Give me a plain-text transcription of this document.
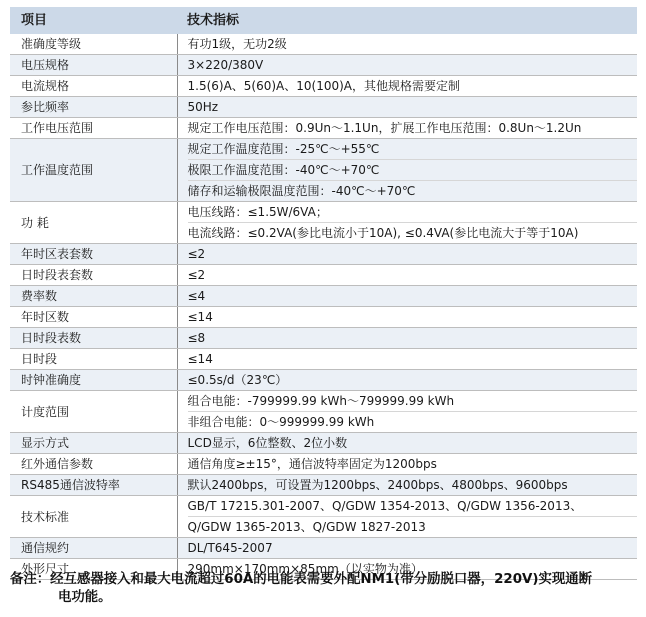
项目	技术指标
准确度等级	有功1级，无功2级

电压规格	3×220/380V

电流规格	1.5(6)A、5(60)A、10(100)A，其他规格需要定制

参比频率	50Hz

工作电压范围	规定工作电压范围：0.9Un～1.1Un，扩展工作电压范围：0.8Un～1.2Un

工作温度范围	规定工作温度范围：-25℃～+55℃
极限工作温度范围：-40℃～+70℃
储存和运输极限温度范围：-40℃～+70℃

功 耗	电压线路：≤1.5W/6VA；
电流线路：≤0.2VA(参比电流小于10A), ≤0.4VA(参比电流大于等于10A)

年时区表套数	≤2

日时段表套数	≤2

费率数	≤4

年时区数	≤14

日时段表数	≤8

日时段	≤14

时钟准确度	≤0.5s/d（23℃）

计度范围	组合电能：-799999.99 kWh～799999.99 kWh
非组合电能：0～999999.99 kWh

显示方式	LCD显示，6位整数、2位小数

红外通信参数	通信角度≥±15°，通信波特率固定为1200bps

RS485通信波特率	默认2400bps，可设置为1200bps、2400bps、4800bps、9600bps

技术标准	GB/T 17215.301-2007、Q/GDW 1354-2013、Q/GDW 1356-2013、
Q/GDW 1365-2013、Q/GDW 1827-2013

通信规约	DL/T645-2007

外形尺寸	290mm×170mm×85mm（以实物为准）
备注：经互感器接入和最大电流超过60A的电能表需要外配NM1(带分励脱口器，220V)实现通断
电功能。
